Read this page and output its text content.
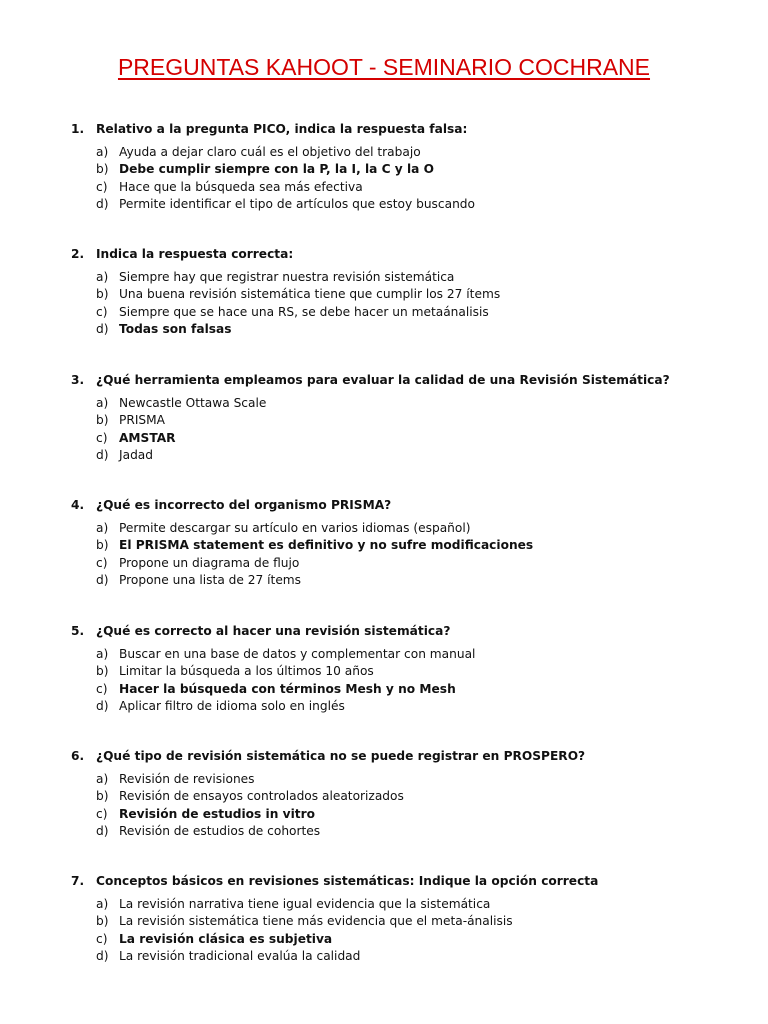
PREGUNTAS KAHOOT - SEMINARIO COCHRANE
1. Relativo a la pregunta PICO, indica la respuesta falsa:
a) Ayuda a dejar claro cuál es el objetivo del trabajo
b) Debe cumplir siempre con la P, la I, la C y la O
c) Hace que la búsqueda sea más efectiva
d) Permite identificar el tipo de artículos que estoy buscando
2. Indica la respuesta correcta:
a) Siempre hay que registrar nuestra revisión sistemática
b) Una buena revisión sistemática tiene que cumplir los 27 ítems
c) Siempre que se hace una RS, se debe hacer un metaánalisis
d) Todas son falsas
3. ¿Qué herramienta empleamos para evaluar la calidad de una Revisión Sistemática?
a) Newcastle Ottawa Scale
b) PRISMA
c) AMSTAR
d) Jadad
4. ¿Qué es incorrecto del organismo PRISMA?
a) Permite descargar su artículo en varios idiomas (español)
b) El PRISMA statement es definitivo y no sufre modificaciones
c) Propone un diagrama de flujo
d) Propone una lista de 27 ítems
5. ¿Qué es correcto al hacer una revisión sistemática?
a) Buscar en una base de datos y complementar con manual
b) Limitar la búsqueda a los últimos 10 años
c) Hacer la búsqueda con términos Mesh y no Mesh
d) Aplicar filtro de idioma solo en inglés
6. ¿Qué tipo de revisión sistemática no se puede registrar en PROSPERO?
a) Revisión de revisiones
b) Revisión de ensayos controlados aleatorizados
c) Revisión de estudios in vitro
d) Revisión de estudios de cohortes
7. Conceptos básicos en revisiones sistemáticas: Indique la opción correcta
a) La revisión narrativa tiene igual evidencia que la sistemática
b) La revisión sistemática tiene más evidencia que el meta-ánalisis
c) La revisión clásica es subjetiva
d) La revisión tradicional evalúa la calidad
